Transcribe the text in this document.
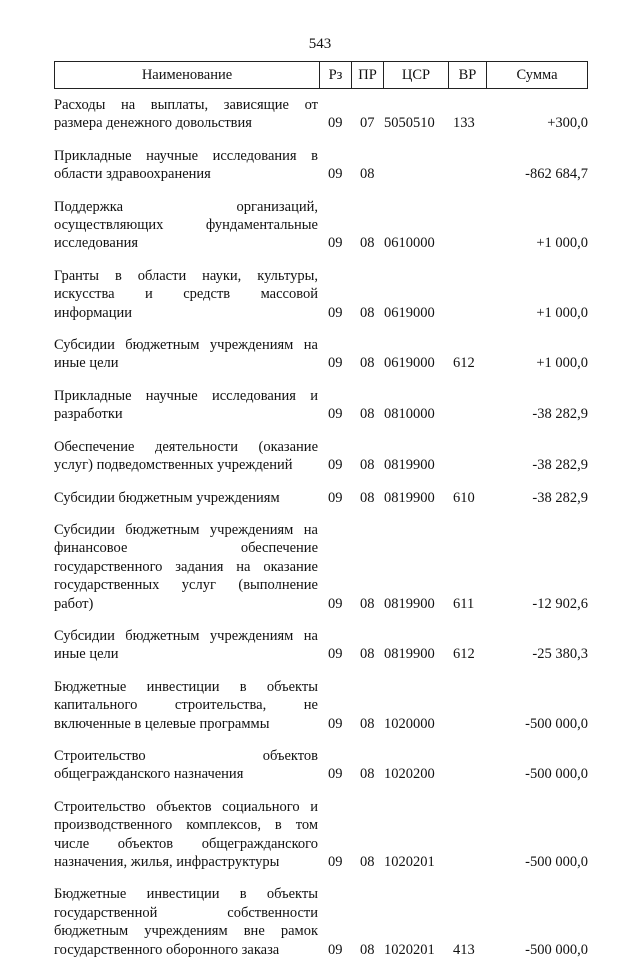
543
Наименование	Рз	ПР	ЦСР	ВР	Сумма
Расходы на выплаты, зависящие от
размера денежного довольствия	09 07 5050510 133	+300,0
Прикладные научные исследования в
области здравоохранения	09 08	-862 684,7
Поддержка организаций,
осуществляющих фундаментальные
исследования	09 08 0610000	+1 000,0
Гранты в области науки, культуры,
искусства и средств массовой
информации	09 08 0619000	+1 000,0
Субсидии бюджетным учреждениям на
иные цели	09 08 0619000 612	+1 000,0
Прикладные научные исследования и
разработки	09 08 0810000	-38 282,9
Обеспечение деятельности (оказание
услуг) подведомственных учреждений	09 08 0819900	-38 282,9
Субсидии бюджетным учреждениям	09 08 0819900 610	-38 282,9
Субсидии бюджетным учреждениям на
финансовое обеспечение
государственного задания на оказание
государственных услуг (выполнение
работ)	09 08 0819900 611	-12 902,6
Субсидии бюджетным учреждениям на
иные цели	09 08 0819900 612	-25 380,3
Бюджетные инвестиции в объекты
капитального строительства, не
включенные в целевые программы	09 08 1020000	-500 000,0
Строительство объектов
общегражданского назначения	09 08 1020200	-500 000,0
Строительство объектов социального и
производственного комплексов, в том
числе объектов общегражданского
назначения, жилья, инфраструктуры	09 08 1020201	-500 000,0
Бюджетные инвестиции в объекты
государственной собственности
бюджетным учреждениям вне рамок
государственного оборонного заказа	09 08 1020201 413	-500 000,0
